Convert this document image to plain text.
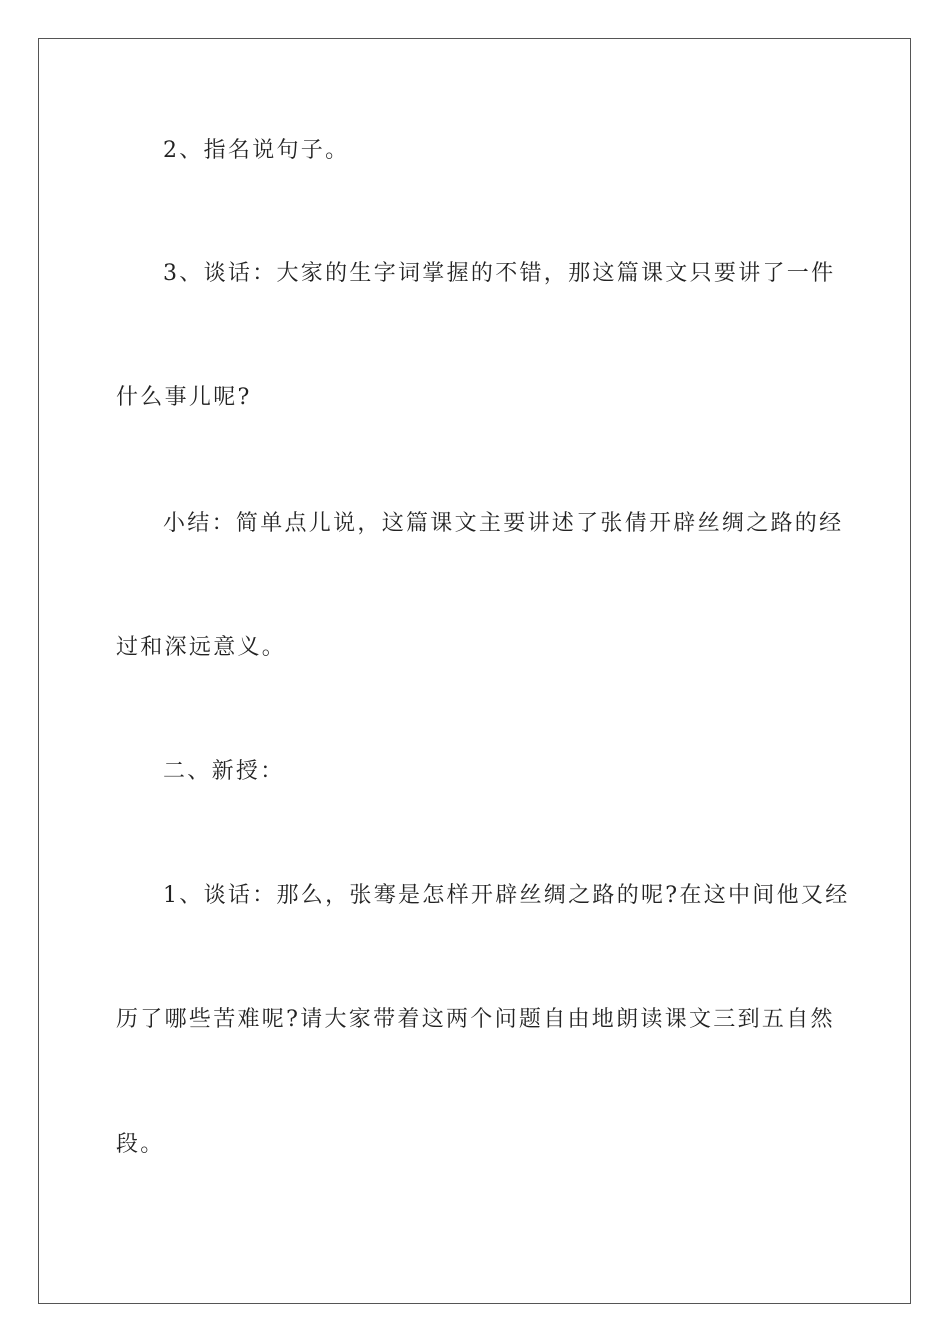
2、指名说句子。
3、谈话：大家的生字词掌握的不错，那这篇课文只要讲了一件
什么事儿呢?
小结：简单点儿说，这篇课文主要讲述了张倩开辟丝绸之路的经
过和深远意义。
二、新授：
1、谈话：那么，张骞是怎样开辟丝绸之路的呢?在这中间他又经
历了哪些苦难呢?请大家带着这两个问题自由地朗读课文三到五自然
段。
